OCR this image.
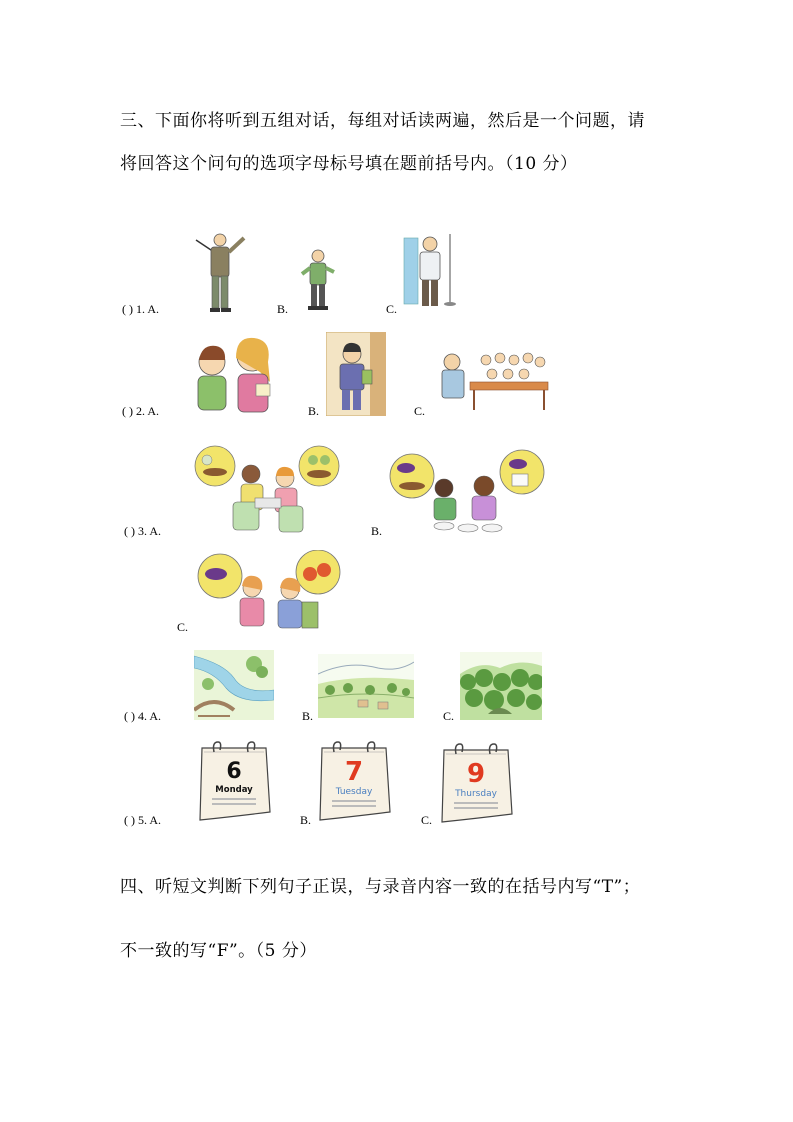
三、下面你将听到五组对话，每组对话读两遍，然后是一个问题，请
将回答这个问句的选项字母标号填在题前括号内。（10 分）
( ) 1. A.	B.	C.
( ) 2. A.	B.	C.
( ) 3. A.	B.
C.
( ) 4. A.	B.	C.
( ) 5. A.	B.	C.
6
Monday
7
Tuesday
9
Thursday
四、听短文判断下列句子正误，与录音内容一致的在括号内写“T”；
不一致的写“F”。（5 分）
